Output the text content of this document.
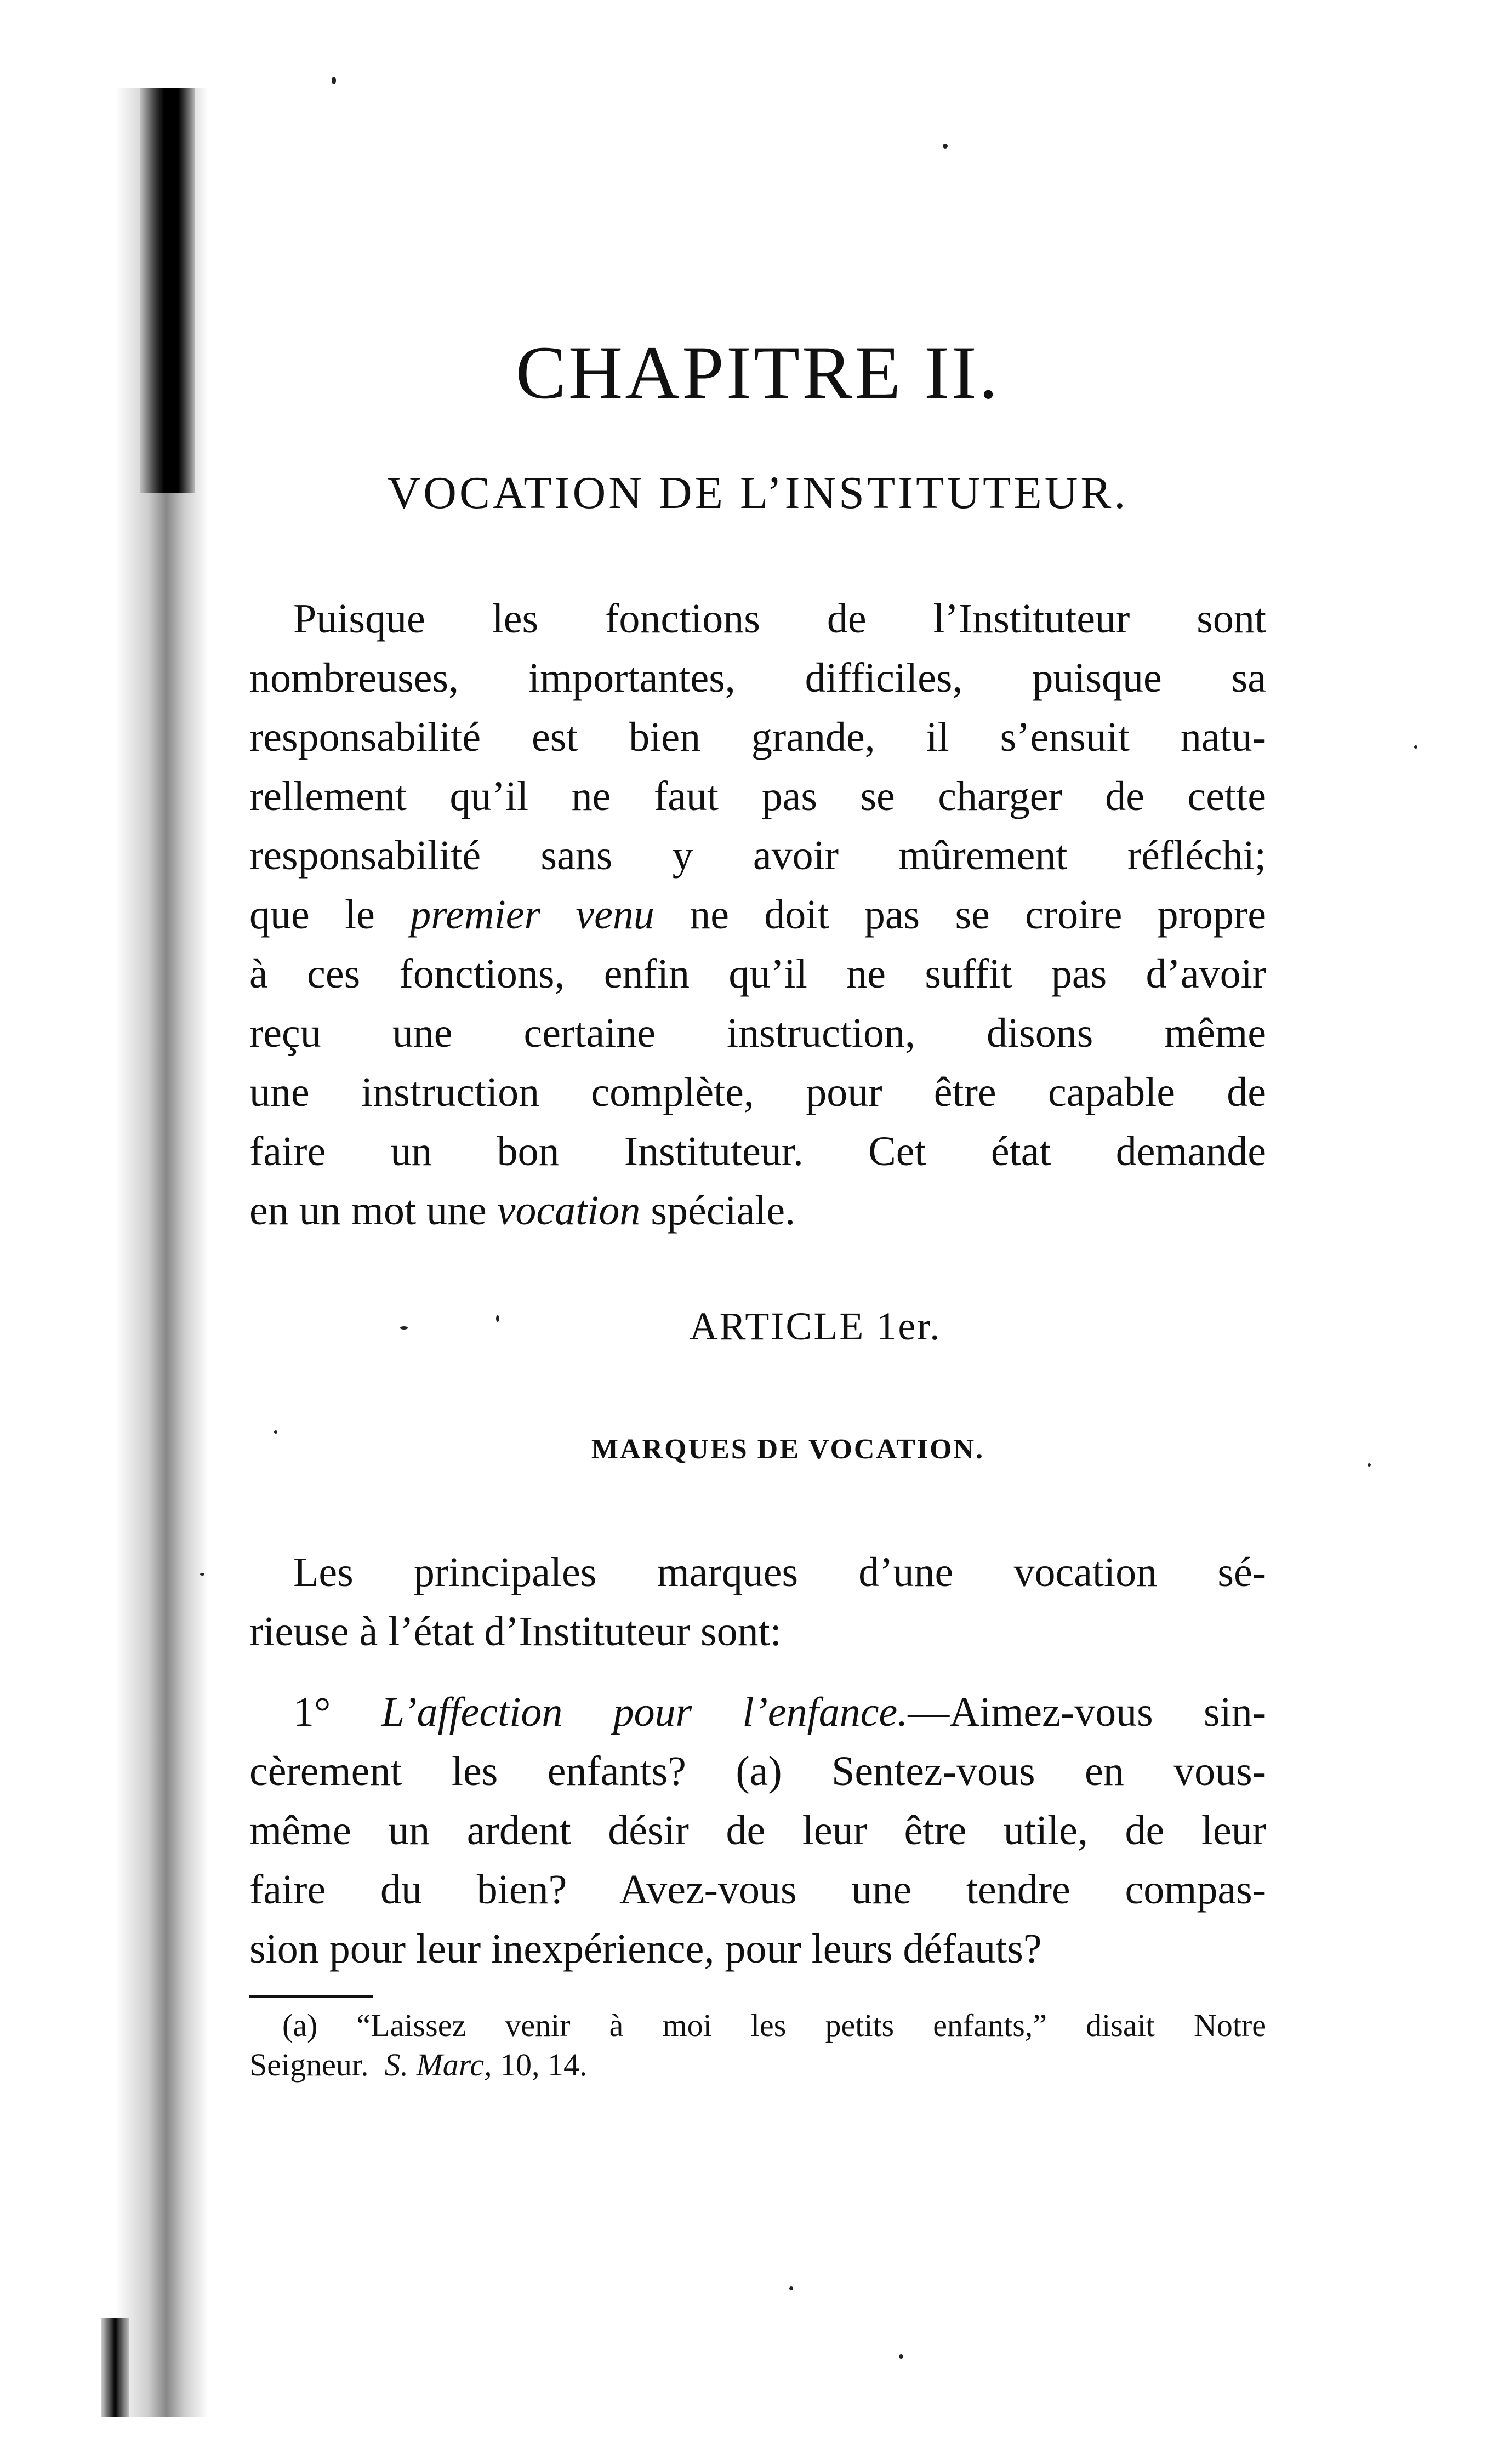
CHAPITRE II.
VOCATION DE L’INSTITUTEUR.
Puisque les fonctions de l’Instituteur sont
nombreuses, importantes, difficiles, puisque sa
responsabilité est bien grande, il s’ensuit natu-
rellement qu’il ne faut pas se charger de cette
responsabilité sans y avoir mûrement réfléchi;
que le premier venu ne doit pas se croire propre
à ces fonctions, enfin qu’il ne suffit pas d’avoir
reçu une certaine instruction, disons même
une instruction complète, pour être capable de
faire un bon Instituteur. Cet état demande
en un mot une vocation spéciale.
ARTICLE 1er.
MARQUES DE VOCATION.
Les principales marques d’une vocation sé-
rieuse à l’état d’Instituteur sont:
1° L’affection pour l’enfance.—Aimez-vous sin-
cèrement les enfants? (a) Sentez-vous en vous-
même un ardent désir de leur être utile, de leur
faire du bien? Avez-vous une tendre compas-
sion pour leur inexpérience, pour leurs défauts?
(a) “Laissez venir à moi les petits enfants,” disait Notre
Seigneur. S. Marc, 10, 14.
